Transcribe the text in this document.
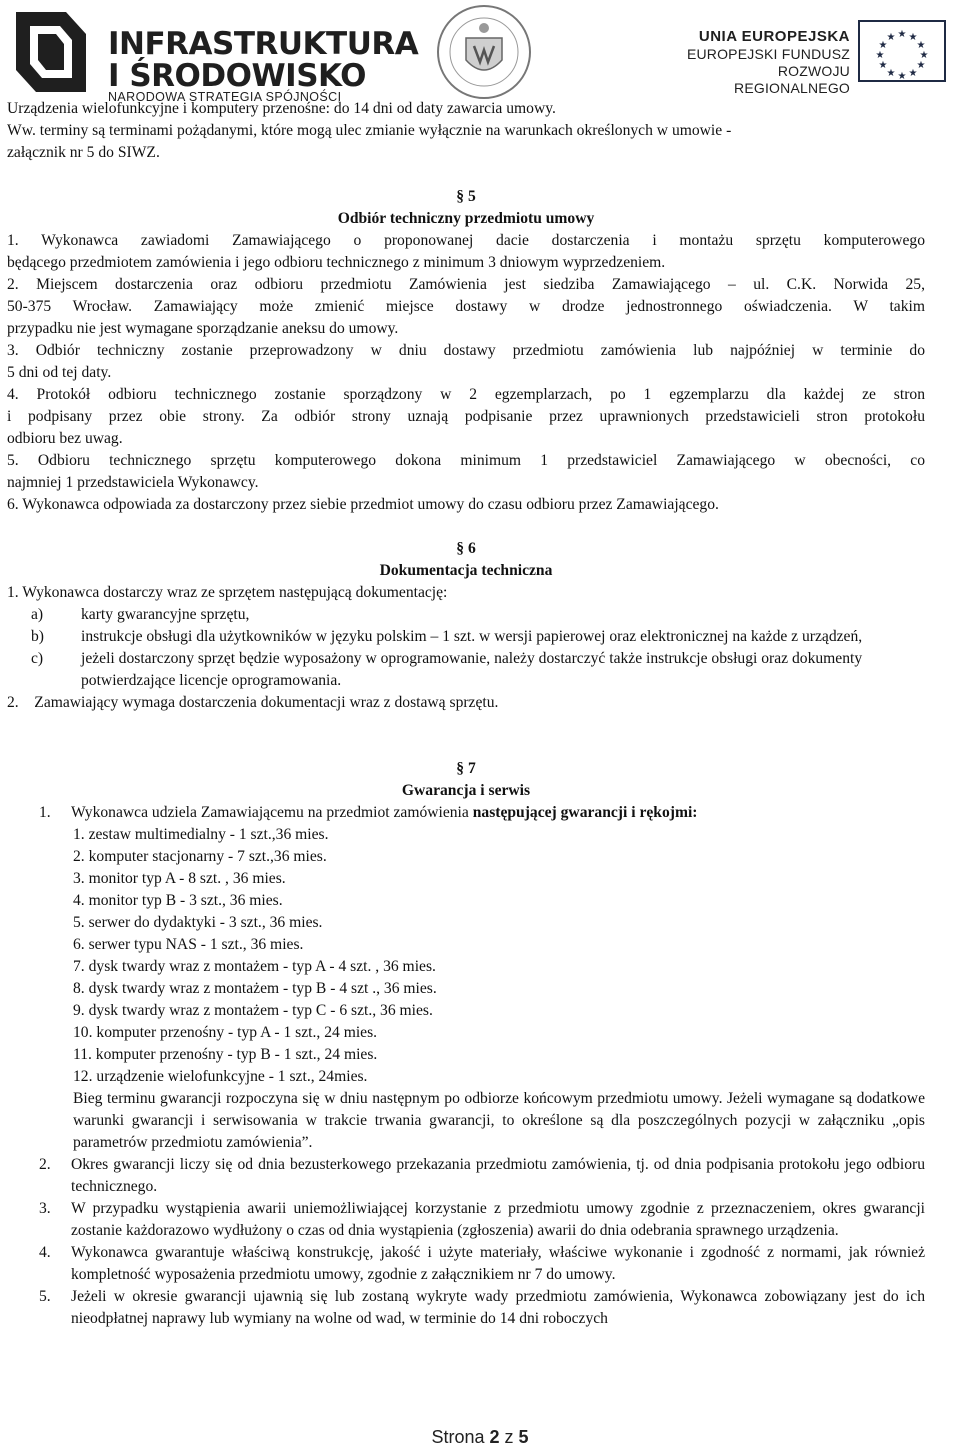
INFRASTRUKTURA
I ŚRODOWISKO
NARODOWA STRATEGIA SPÓJNOŚCI
UNIA EUROPEJSKA
EUROPEJSKI FUNDUSZ
ROZWOJU REGIONALNEGO
★ ★
★
★
★
★
★
★
★
★
★
★

Urządzenia wielofunkcyjne i komputery przenośne: do 14 dni od daty zawarcia umowy.

Ww. terminy są terminami pożądanymi, które mogą ulec zmianie wyłącznie na warunkach określonych w umowie -

załącznik nr 5 do SIWZ.

§ 5

Odbiór techniczny przedmiotu umowy

1. Wykonawca zawiadomi Zamawiającego o proponowanej dacie dostarczenia i montażu sprzętu komputerowego

będącego przedmiotem zamówienia i jego odbioru technicznego z minimum 3 dniowym wyprzedzeniem.

2. Miejscem dostarczenia oraz odbioru przedmiotu Zamówienia jest siedziba Zamawiającego – ul. C.K. Norwida 25,

50-375 Wrocław. Zamawiający może zmienić miejsce dostawy w drodze jednostronnego oświadczenia. W takim

przypadku nie jest wymagane sporządzanie aneksu do umowy.

3. Odbiór techniczny zostanie przeprowadzony w dniu dostawy przedmiotu zamówienia lub najpóźniej w terminie do

5 dni od tej daty.

4. Protokół odbioru technicznego zostanie sporządzony w 2 egzemplarzach, po 1 egzemplarzu dla każdej ze stron

i podpisany przez obie strony. Za odbiór strony uznają podpisanie przez uprawnionych przedstawicieli stron protokołu

odbioru bez uwag.

5. Odbioru technicznego sprzętu komputerowego dokona minimum 1 przedstawiciel Zamawiającego w obecności, co

najmniej 1 przedstawiciela Wykonawcy.

6. Wykonawca odpowiada za dostarczony przez siebie przedmiot umowy do czasu odbioru przez Zamawiającego.

§ 6

Dokumentacja techniczna

1. Wykonawca dostarczy wraz ze sprzętem następującą dokumentację:

a)	karty gwarancyjne sprzętu,
b)	instrukcje obsługi dla użytkowników w języku polskim – 1 szt. w wersji papierowej oraz elektronicznej na każde z urządzeń,
c)	jeżeli dostarczony sprzęt będzie wyposażony w oprogramowanie, należy dostarczyć także instrukcje obsługi oraz dokumenty potwierdzające licencje oprogramowania.

2.    Zamawiający wymaga dostarczenia dokumentacji wraz z dostawą sprzętu.

§ 7

Gwarancja i serwis

1.	Wykonawca udziela Zamawiającemu na przedmiot zamówienia następującej gwarancji i rękojmi:

1. zestaw multimedialny - 1 szt.,36 mies.

2. komputer stacjonarny - 7 szt.,36 mies.

3. monitor typ A - 8 szt. , 36 mies.

4. monitor typ B - 3 szt., 36 mies.

5. serwer do dydaktyki - 3 szt., 36 mies.

6. serwer typu NAS - 1 szt., 36 mies.

7. dysk twardy wraz z montażem - typ A - 4 szt. , 36 mies.

8. dysk twardy wraz z montażem - typ B - 4 szt ., 36 mies.

9. dysk twardy wraz z montażem - typ C - 6 szt., 36 mies.

10. komputer przenośny - typ A - 1 szt., 24 mies.

11. komputer przenośny - typ B - 1 szt., 24 mies.

12. urządzenie wielofunkcyjne - 1 szt., 24mies.

Bieg terminu gwarancji rozpoczyna się w dniu następnym po odbiorze końcowym przedmiotu umowy. Jeżeli wymagane są dodatkowe warunki gwarancji i serwisowania w trakcie trwania gwarancji, to określone są dla poszczególnych pozycji w załączniku „opis parametrów przedmiotu zamówienia”.

2.	Okres gwarancji liczy się od dnia bezusterkowego przekazania przedmiotu zamówienia, tj. od dnia podpisania protokołu jego odbioru technicznego.
3.	W przypadku wystąpienia awarii uniemożliwiającej korzystanie z przedmiotu umowy zgodnie z przeznaczeniem, okres gwarancji zostanie każdorazowo wydłużony o czas od dnia wystąpienia (zgłoszenia) awarii do dnia odebrania sprawnego urządzenia.
4.	Wykonawca gwarantuje właściwą konstrukcję, jakość i użyte materiały, właściwe wykonanie i zgodność z normami, jak również kompletność wyposażenia przedmiotu umowy, zgodnie z załącznikiem nr 7 do umowy.
5.	Jeżeli w okresie gwarancji ujawnią się lub zostaną wykryte wady przedmiotu zamówienia, Wykonawca zobowiązany jest do ich nieodpłatnej naprawy lub wymiany na wolne od wad, w terminie do 14 dni roboczych
Strona 2 z 5
